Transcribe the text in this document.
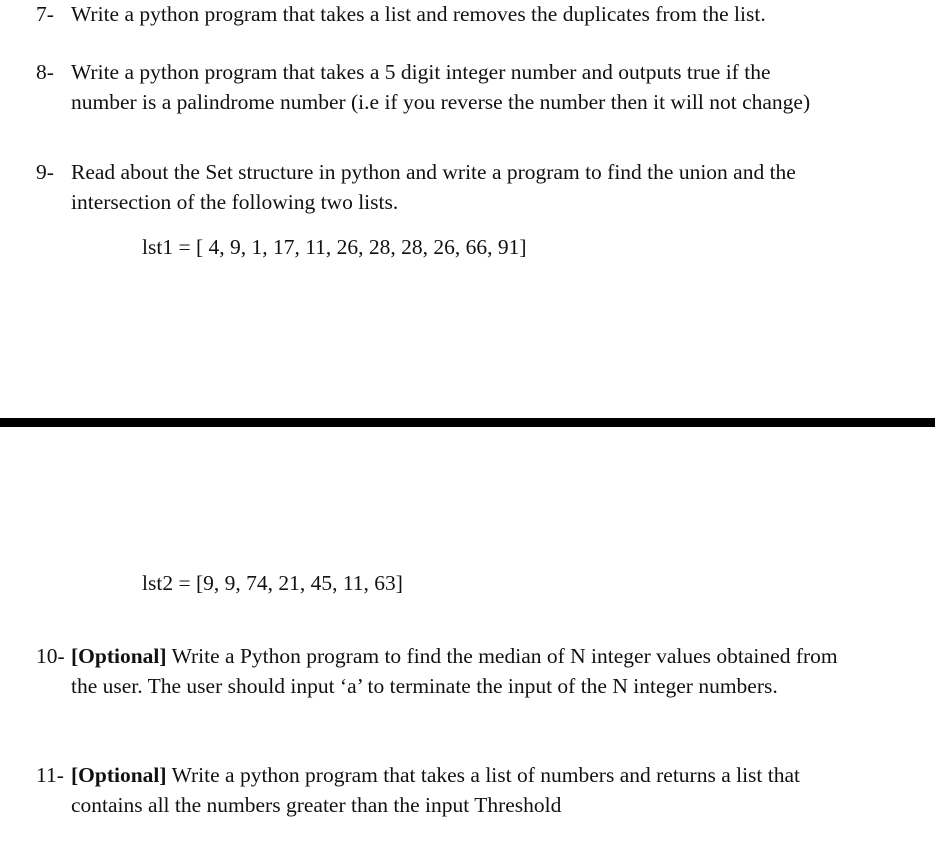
7- Write a python program that takes a list and removes the duplicates from the list.
8- Write a python program that takes a 5 digit integer number and outputs true if the
number is a palindrome number (i.e if you reverse the number then it will not change)
9- Read about the Set structure in python and write a program to find the union and the
intersection of the following two lists.
lst1 = [ 4, 9, 1, 17, 11, 26, 28, 28, 26, 66, 91]
lst2 = [9, 9, 74, 21, 45, 11, 63]
10- [Optional] Write a Python program to find the median of N integer values obtained from
the user. The user should input ‘a’ to terminate the input of the N integer numbers.
11- [Optional] Write a python program that takes a list of numbers and returns a list that
contains all the numbers greater than the input Threshold
